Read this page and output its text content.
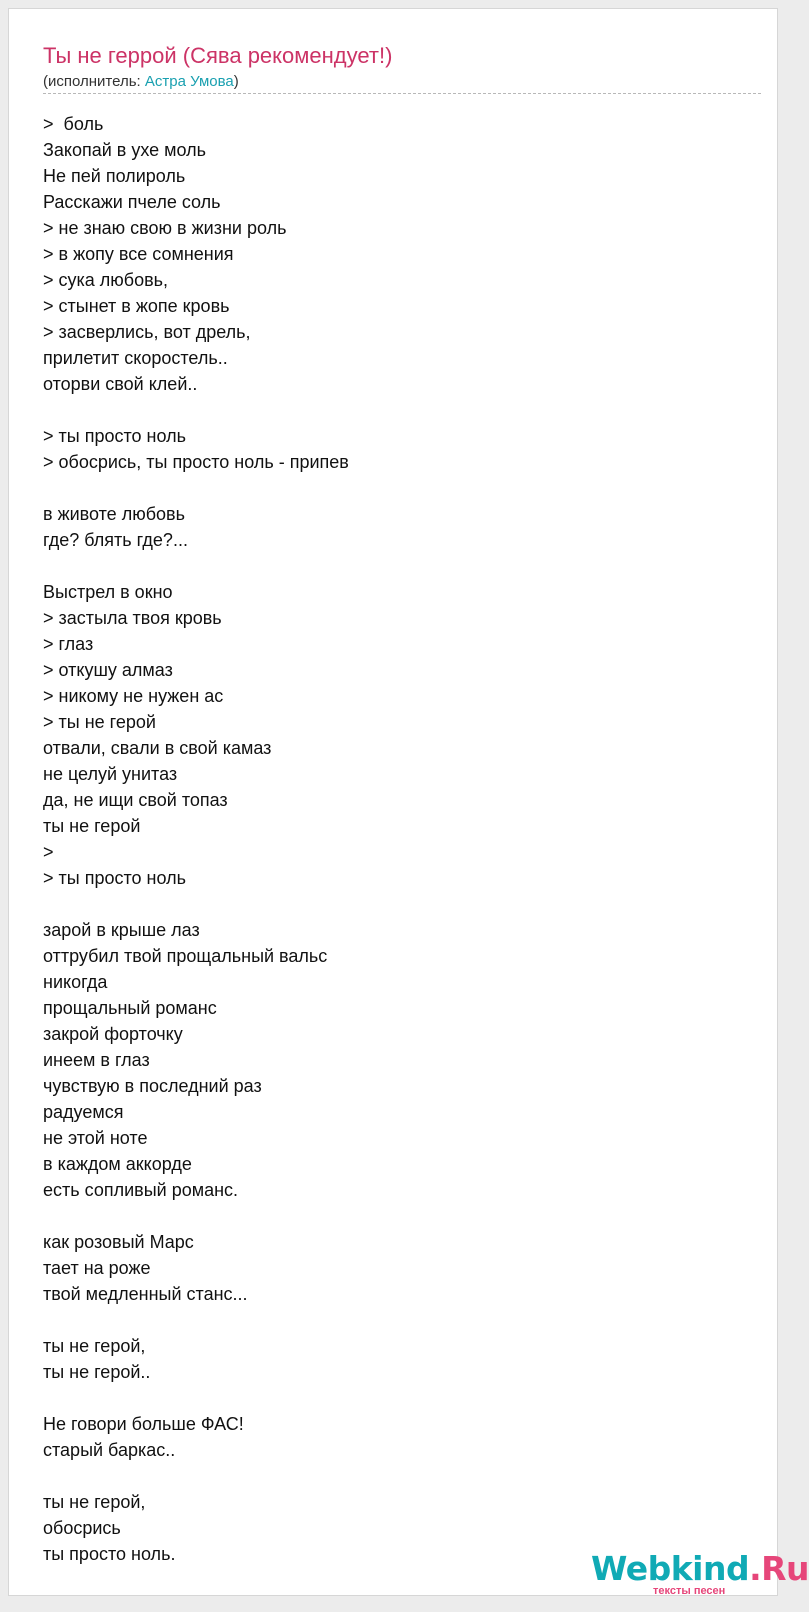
Ты не геррой (Сява рекомендует!)
(исполнитель: Астра Умова)
>  боль
Закопай в ухе моль
Не пей полироль
Расскажи пчеле соль
> не знаю свою в жизни роль
> в жопу все сомнения
> сука любовь,
> стынет в жопе кровь
> засверлись, вот дрель,
прилетит скоростель..
оторви свой клей..

> ты просто ноль
> обосрись, ты просто ноль - припев

в животе любовь
где? блять где?...

Выстрел в окно
> застыла твоя кровь
> глаз
> откушу алмаз
> никому не нужен ас
> ты не герой
отвали, свали в свой камаз
не целуй унитаз
да, не ищи свой топаз
ты не герой
>
> ты просто ноль

зарой в крыше лаз
оттрубил твой прощальный вальс
никогда
прощальный романс
закрой форточку
инеем в глаз
чувствую в последний раз
радуемся
не этой ноте
в каждом аккорде
есть сопливый романс.

как розовый Марс
тает на роже
твой медленный станс...

ты не герой,
ты не герой..

Не говори больше ФАС!
старый баркас..

ты не герой,
обосрись
ты просто ноль.	Webkind.Ru
тексты песен
